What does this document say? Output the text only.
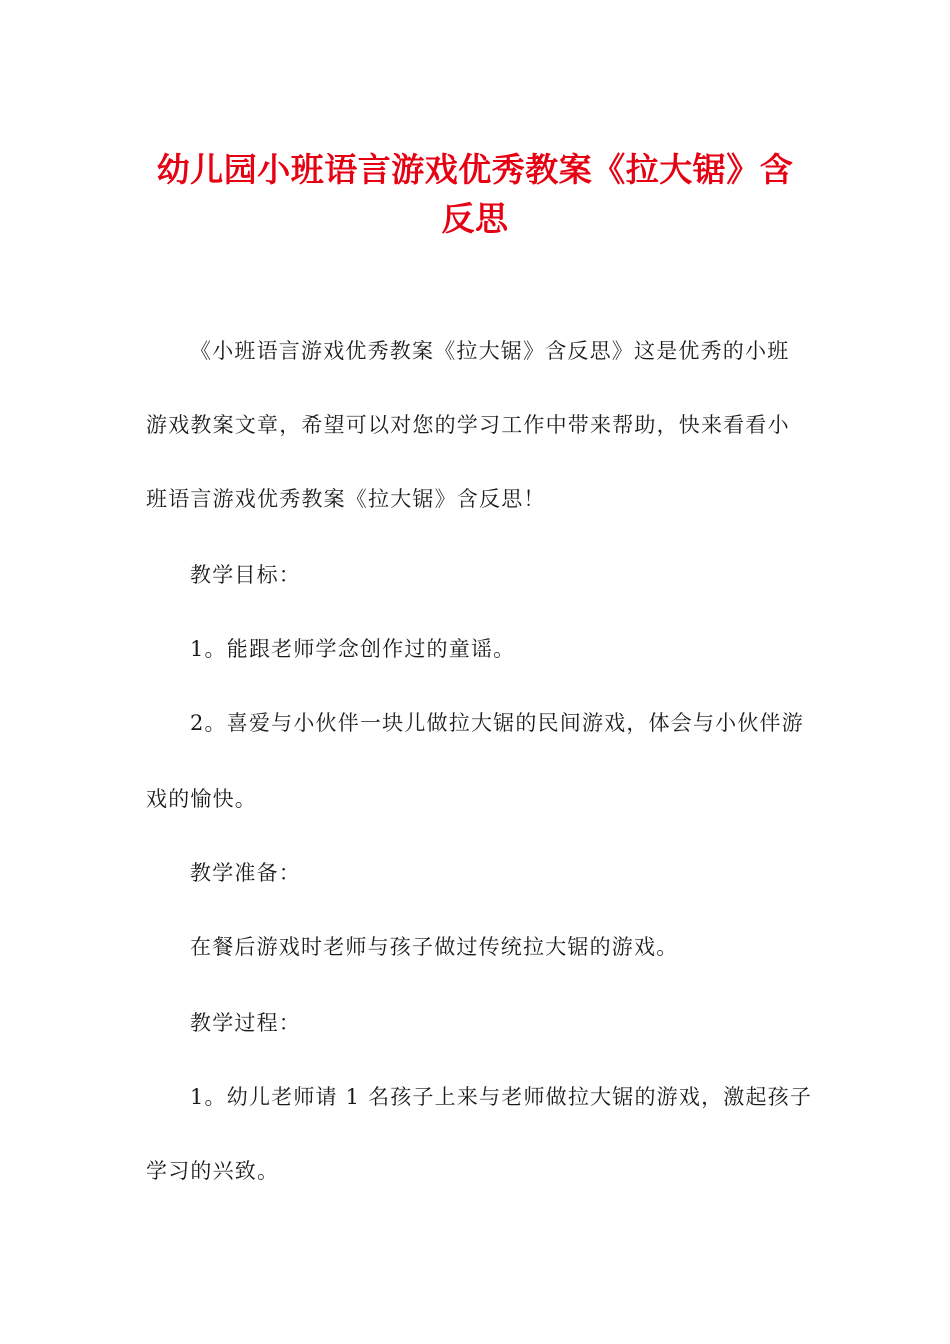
幼儿园小班语言游戏优秀教案《拉大锯》含
反思
《小班语言游戏优秀教案《拉大锯》含反思》这是优秀的小班
游戏教案文章，希望可以对您的学习工作中带来帮助，快来看看小
班语言游戏优秀教案《拉大锯》含反思！
教学目标：
1。能跟老师学念创作过的童谣。
2。喜爱与小伙伴一块儿做拉大锯的民间游戏，体会与小伙伴游
戏的愉快。
教学准备：
在餐后游戏时老师与孩子做过传统拉大锯的游戏。
教学过程：
1。幼儿老师请 1 名孩子上来与老师做拉大锯的游戏，激起孩子
学习的兴致。
